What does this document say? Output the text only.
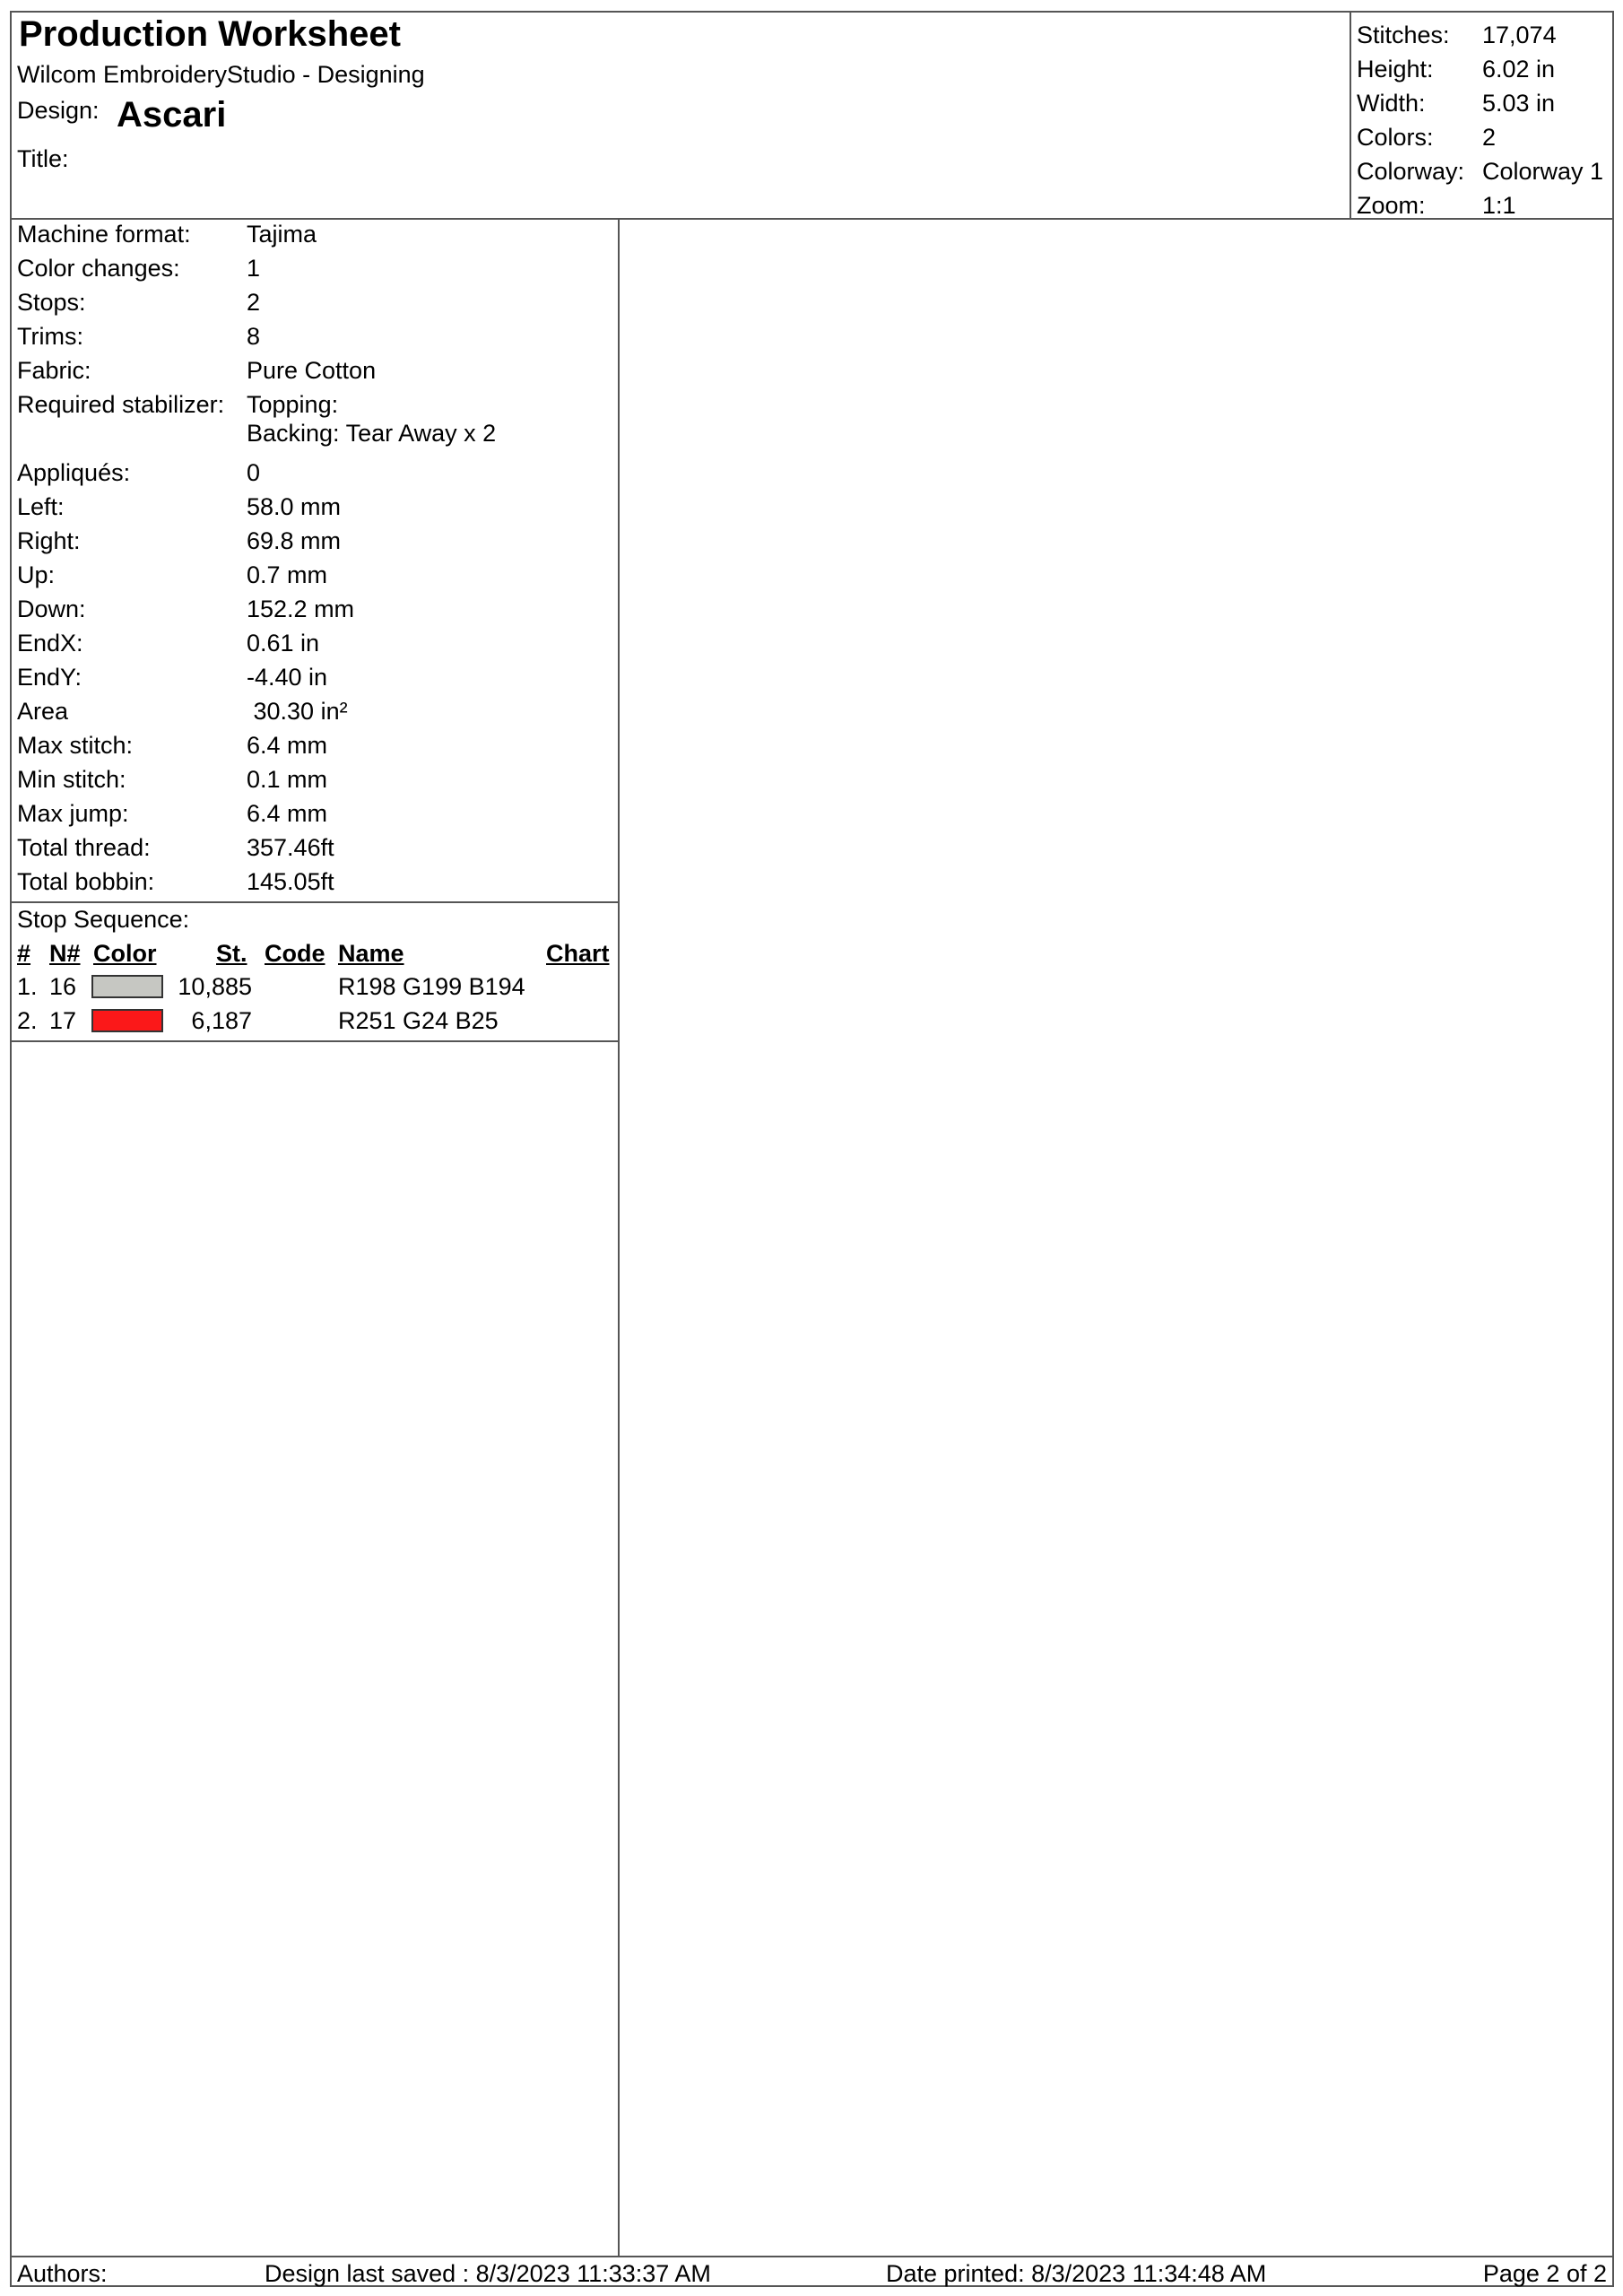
Production Worksheet
Wilcom EmbroideryStudio - Designing
Design: Ascari
Title:
Stitches: 17,074
Height: 6.02 in
Width: 5.03 in
Colors: 2
Colorway: Colorway 1
Zoom: 1:1
Machine format: Tajima
Color changes:	1
Stops:	2
Trims:	8
Fabric:	Pure Cotton
Required stabilizer: Topping:
Backing: Tear Away x 2
Appliqués:	0
Left:	58.0 mm
Right:	69.8 mm
Up:	0.7 mm
Down:	152.2 mm
EndX:	0.61 in
EndY:	-4.40 in
Area	30.30 in²
Max stitch:	6.4 mm
Min stitch:	0.1 mm
Max jump:	6.4 mm
Total thread:	357.46ft
Total bobbin:	145.05ft
Stop Sequence:
# N# Color St. Code Name	Chart
1. 16	10,885	R198 G199 B194
2. 17	6,187	R251 G24 B25
Authors:	Design last saved : 8/3/2023 11:33:37 AM	Date printed: 8/3/2023 11:34:48 AM	Page 2 of 2
